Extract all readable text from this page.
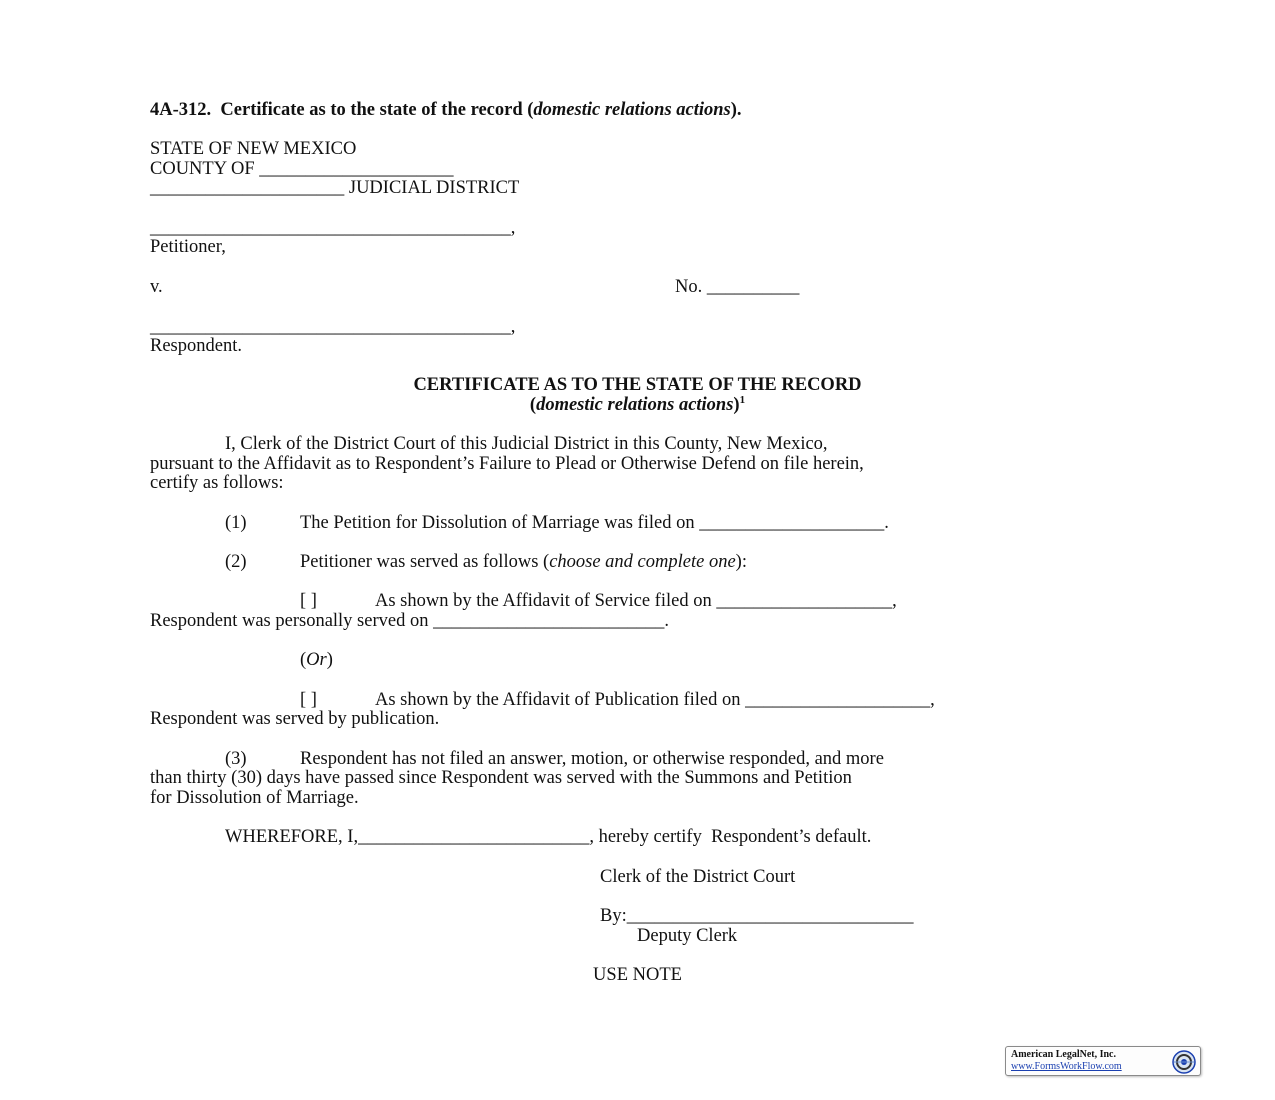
4A-312. Certificate as to the state of the record (domestic relations actions).
STATE OF NEW MEXICO
COUNTY OF _____________________
_____________________ JUDICIAL DISTRICT
_______________________________________,
Petitioner,
v.	No. __________
_______________________________________,
Respondent.
CERTIFICATE AS TO THE STATE OF THE RECORD
(domestic relations actions)$^1$
I, Clerk of the District Court of this Judicial District in this County, New Mexico,
pursuant to the Affidavit as to Respondent’s Failure to Plead or Otherwise Defend on file herein,
certify as follows:
(1)	The Petition for Dissolution of Marriage was filed on ____________________.
(2)	Petitioner was served as follows (choose and complete one):
[ ]	As shown by the Affidavit of Service filed on ___________________,
Respondent was personally served on _________________________.
(Or)
[ ]	As shown by the Affidavit of Publication filed on ____________________,
Respondent was served by publication.
(3)	Respondent has not filed an answer, motion, or otherwise responded, and more
than thirty (30) days have passed since Respondent was served with the Summons and Petition
for Dissolution of Marriage.
WHEREFORE, I,_________________________, hereby certify  Respondent’s default.
Clerk of the District Court
By:_______________________________
Deputy Clerk
USE NOTE
American LegalNet, Inc.
www.FormsWorkFlow.com
